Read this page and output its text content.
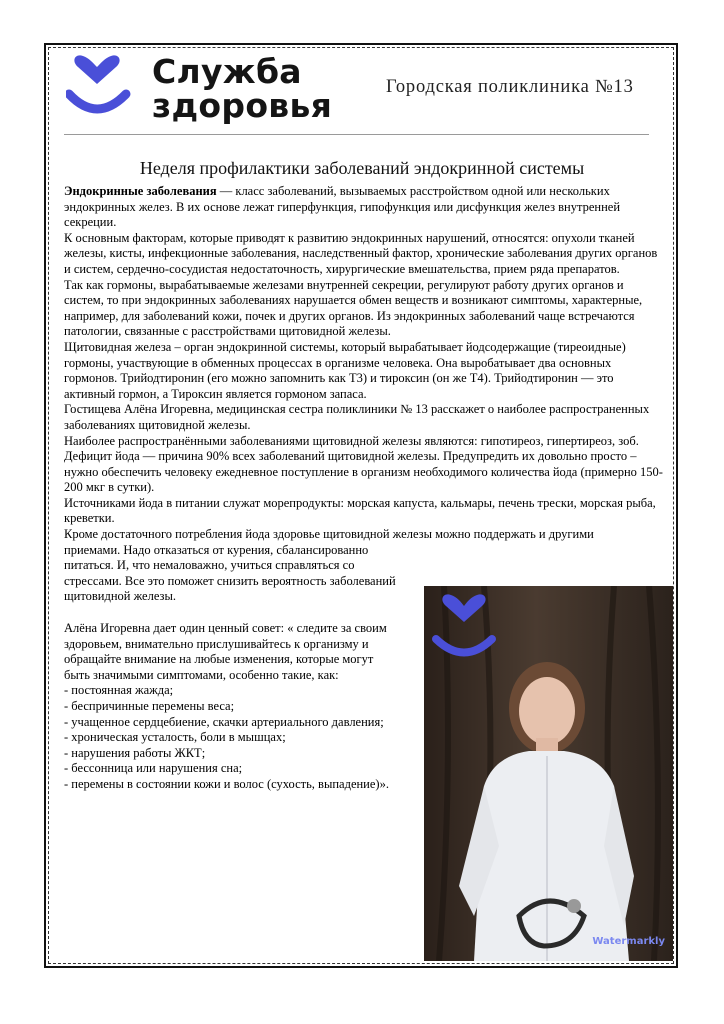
Служба
здоровья	Городская поликлиника №13
Неделя профилактики заболеваний эндокринной системы

Эндокринные заболевания — класс заболеваний, вызываемых расстройством одной или нескольких эндокринных желез. В их основе лежат гиперфункция, гипофункция или дисфункция желез внутренней секреции.

К основным факторам, которые приводят к развитию эндокринных нарушений, относятся: опухоли тканей железы, кисты, инфекционные заболевания, наследственный фактор, хронические заболевания других органов и систем, сердечно-сосудистая недостаточность, хирургические вмешательства, прием ряда препаратов.

Так как гормоны, вырабатываемые железами внутренней секреции, регулируют работу других органов и систем, то при эндокринных заболеваниях нарушается обмен веществ и возникают симптомы, характерные, например, для заболеваний кожи, почек и других органов. Из эндокринных заболеваний чаще встречаются патологии, связанные с расстройствами щитовидной железы.

Щитовидная железа – орган эндокринной системы, который вырабатывает йодсодержащие (тиреоидные) гормоны, участвующие в обменных процессах в организме человека. Она выробатывает два основных гормонов. Трийодтиронин (его можно запомнить как Т3) и тироксин (он же Т4). Трийодтиронин — это активный гормон, а Тироксин является гормоном запаса.

Гостищева Алёна Игоревна, медицинская сестра поликлиники № 13 расскажет о наиболее распространенных заболеваниях щитовидной железы.

Наиболее распространёнными заболеваниями щитовидной железы являются: гипотиреоз, гипертиреоз, зоб.

Дефицит йода — причина 90% всех заболеваний щитовидной железы. Предупредить их довольно просто – нужно обеспечить человеку ежедневное поступление в организм необходимого количества йода (примерно 150-200 мкг в сутки).

Источниками йода в питании служат морепродукты: морская капуста, кальмары, печень трески, морская рыба, креветки.

Кроме достаточного потребления йода здоровье щитовидной железы можно поддержать и другими

приемами. Надо отказаться от курения, сбалансированно

питаться. И, что немаловажно, учиться справляться со

стрессами. Все это поможет снизить вероятность заболеваний

щитовидной железы.

Алёна Игоревна дает один ценный совет: « следите за своим

здоровьем, внимательно прислушивайтесь к организму и

обращайте внимание на любые изменения, которые могут

быть значимыми симптомами, особенно такие, как:

- постоянная жажда;

- беспричинные перемены веса;

- учащенное сердцебиение, скачки артериального давления;

- хроническая усталость, боли в мышцах;

- нарушения работы ЖКТ;

- бессонница или нарушения сна;

- перемены в состоянии кожи и волос (сухость, выпадение)».

Watermarkly
